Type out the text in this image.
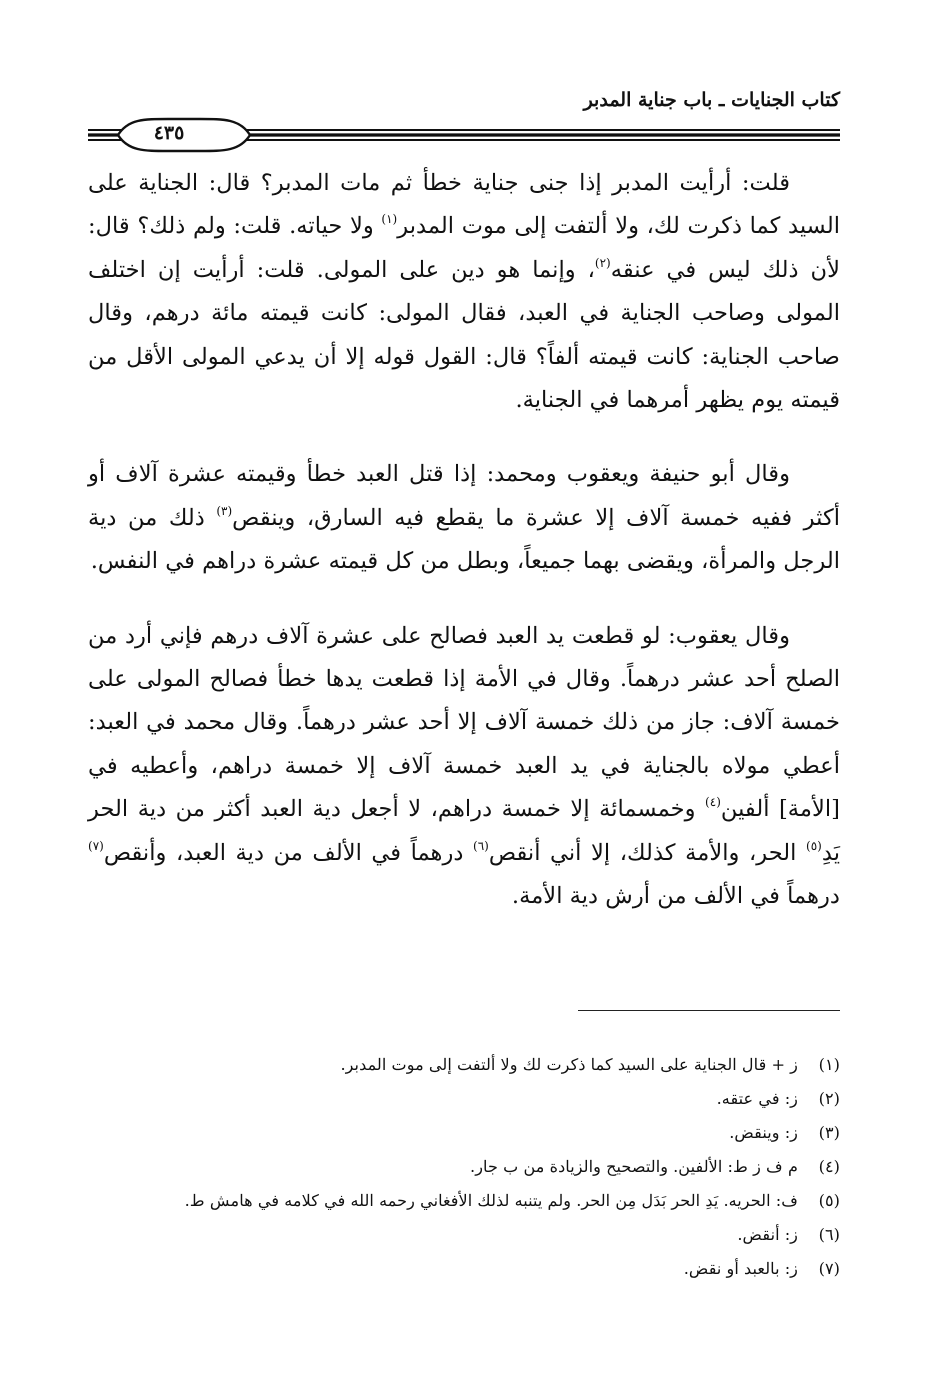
كتاب الجنايات ـ باب جناية المدبر
٤٣٥

قلت: أرأيت المدبر إذا جنى جناية خطأ ثم مات المدبر؟ قال: الجناية على السيد كما ذكرت لك، ولا ألتفت إلى موت المدبر$^{(١)}$ ولا حياته. قلت: ولم ذلك؟ قال: لأن ذلك ليس في عنقه$^{(٢)}$، وإنما هو دين على المولى. قلت: أرأيت إن اختلف المولى وصاحب الجناية في العبد، فقال المولى: كانت قيمته مائة درهم، وقال صاحب الجناية: كانت قيمته ألفاً؟ قال: القول قوله إلا أن يدعي المولى الأقل من قيمته يوم يظهر أمرهما في الجناية.

وقال أبو حنيفة ويعقوب ومحمد: إذا قتل العبد خطأ وقيمته عشرة آلاف أو أكثر ففيه خمسة آلاف إلا عشرة ما يقطع فيه السارق، وينقص$^{(٣)}$ ذلك من دية الرجل والمرأة، ويقضى بهما جميعاً، وبطل من كل قيمته عشرة دراهم في النفس.

وقال يعقوب: لو قطعت يد العبد فصالح على عشرة آلاف درهم فإني أرد من الصلح أحد عشر درهماً. وقال في الأمة إذا قطعت يدها خطأ فصالح المولى على خمسة آلاف: جاز من ذلك خمسة آلاف إلا أحد عشر درهماً. وقال محمد في العبد: أعطي مولاه بالجناية في يد العبد خمسة آلاف إلا خمسة دراهم، وأعطيه في [الأمة] ألفين$^{(٤)}$ وخمسمائة إلا خمسة دراهم، لا أجعل دية العبد أكثر من دية الحر يَدِ$^{(٥)}$ الحر، والأمة كذلك، إلا أني أنقص$^{(٦)}$ درهماً في الألف من دية العبد، وأنقص$^{(٧)}$ درهماً في الألف من أرش دية الأمة.

(١)
ز + قال الجناية على السيد كما ذكرت لك ولا ألتفت إلى موت المدبر.
(٢)
ز: في عتقه.
(٣)
ز: وينقض.
(٤)
م ف ز ط: الألفين. والتصحيح والزيادة من ب جار.
(٥)
ف: الحريه. يَدِ الحر بَدَل مِن الحر. ولم يتنبه لذلك الأفغاني رحمه الله في كلامه في هامش ط.
(٦)
ز: أنقض.
(٧)
ز: بالعبد أو نقض.
